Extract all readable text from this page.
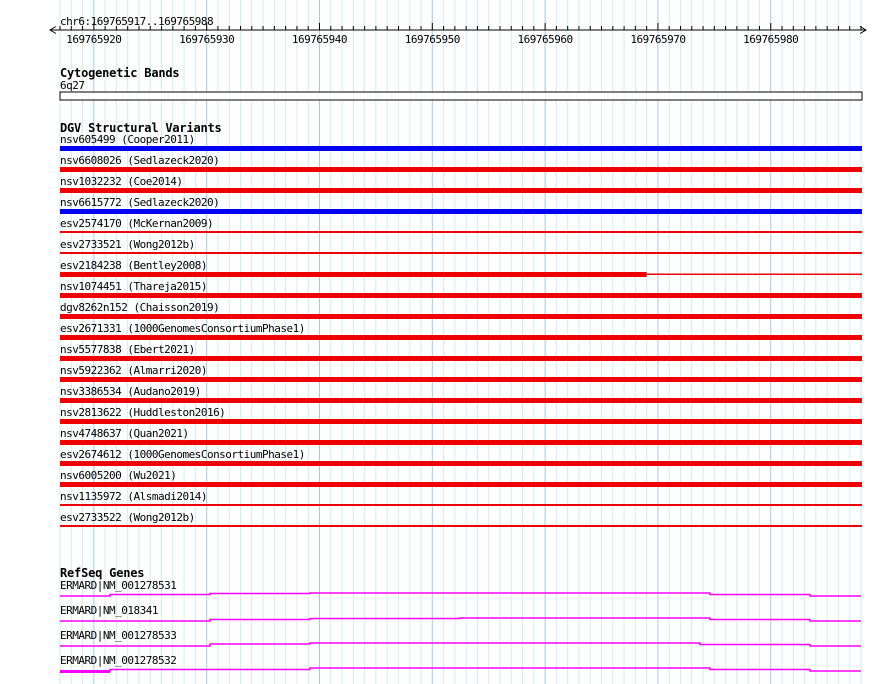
chr6:169765917..169765988
169765920	169765930	169765940	169765950	169765960	169765970	169765980
Cytogenetic Bands
6q27
DGV Structural Variants
nsv605499 (Cooper2011)
nsv6608026 (Sedlazeck2020)
nsv1032232 (Coe2014)
nsv6615772 (Sedlazeck2020)
esv2574170 (McKernan2009)
esv2733521 (Wong2012b)
esv2184238 (Bentley2008)
nsv1074451 (Thareja2015)
dgv8262n152 (Chaisson2019)
esv2671331 (1000GenomesConsortiumPhase1)
nsv5577838 (Ebert2021)
nsv5922362 (Almarri2020)
nsv3386534 (Audano2019)
nsv2813622 (Huddleston2016)
nsv4748637 (Quan2021)
esv2674612 (1000GenomesConsortiumPhase1)
nsv6005200 (Wu2021)
nsv1135972 (Alsmadi2014)
esv2733522 (Wong2012b)
RefSeq Genes
ERMARD|NM_001278531
ERMARD|NM_018341
ERMARD|NM_001278533
ERMARD|NM_001278532
